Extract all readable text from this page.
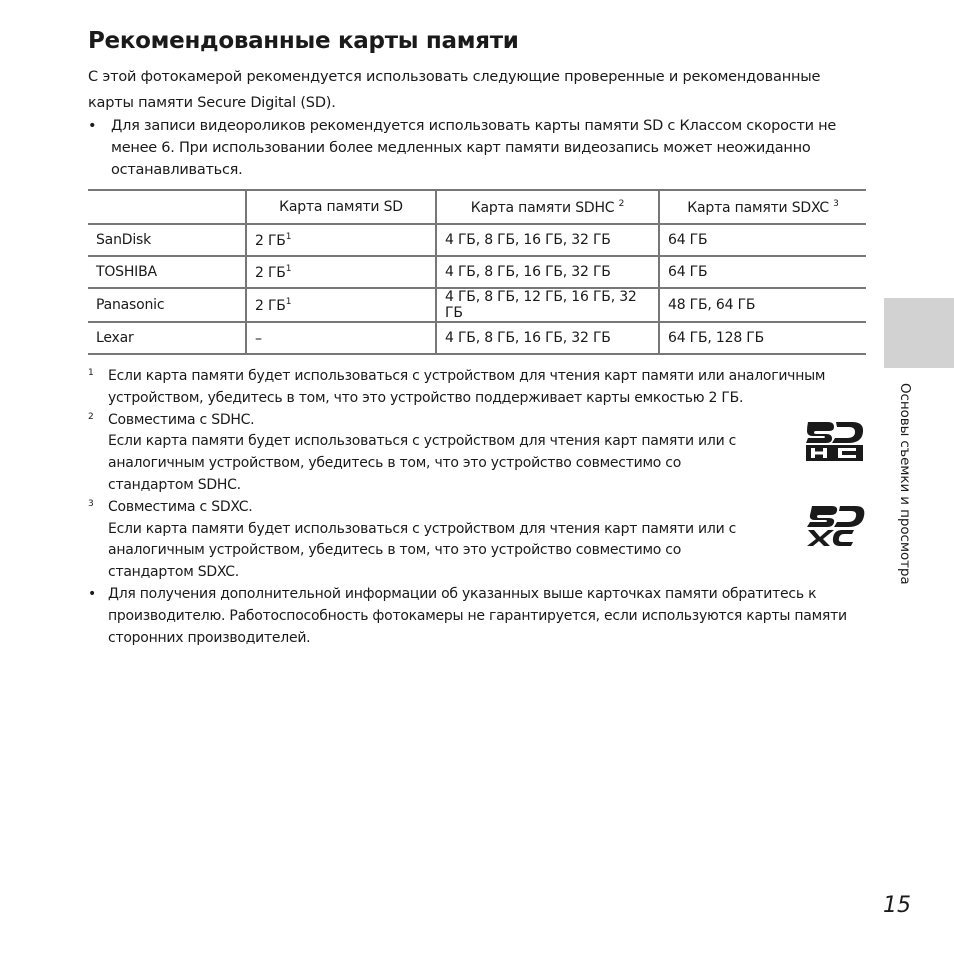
Рекомендованные карты памяти
С этой фотокамерой рекомендуется использовать следующие проверенные и рекомендованные карты памяти Secure Digital (SD).
• Для записи видеороликов рекомендуется использовать карты памяти SD с Классом скорости не менее 6. При использовании более медленных карт памяти видеозапись может неожиданно останавливаться.
	Карта памяти SD	Карта памяти SDHC $^2$	Карта памяти SDXC $^3$
SanDisk	2 $ГБ^1$	4 ГБ, 8 ГБ, 16 ГБ, 32 ГБ	64 ГБ
TOSHIBA	2 $ГБ^1$	4 ГБ, 8 ГБ, 16 ГБ, 32 ГБ	64 ГБ
Panasonic	2 $ГБ^1$	4 ГБ, 8 ГБ, 12 ГБ, 16 ГБ, 32 ГБ	48 ГБ, 64 ГБ
Lexar	–	4 ГБ, 8 ГБ, 16 ГБ, 32 ГБ	64 ГБ, 128 ГБ
1 Если карта памяти будет использоваться с устройством для чтения карт памяти или аналогичным
устройством, убедитесь в том, что это устройство поддерживает карты емкостью 2 ГБ.
2 Совместима с SDHC.
Если карта памяти будет использоваться с устройством для чтения карт памяти или с
аналогичным устройством, убедитесь в том, что это устройство совместимо со
стандартом SDHC.
3 Совместима с SDXC.
Если карта памяти будет использоваться с устройством для чтения карт памяти или с
аналогичным устройством, убедитесь в том, что это устройство совместимо со
стандартом SDXC.
• Для получения дополнительной информации об указанных выше карточках памяти обратитесь к производителю. Работоспособность фотокамеры не гарантируется, если используются карты памяти сторонних производителей.
Основы съемки и просмотра
15
